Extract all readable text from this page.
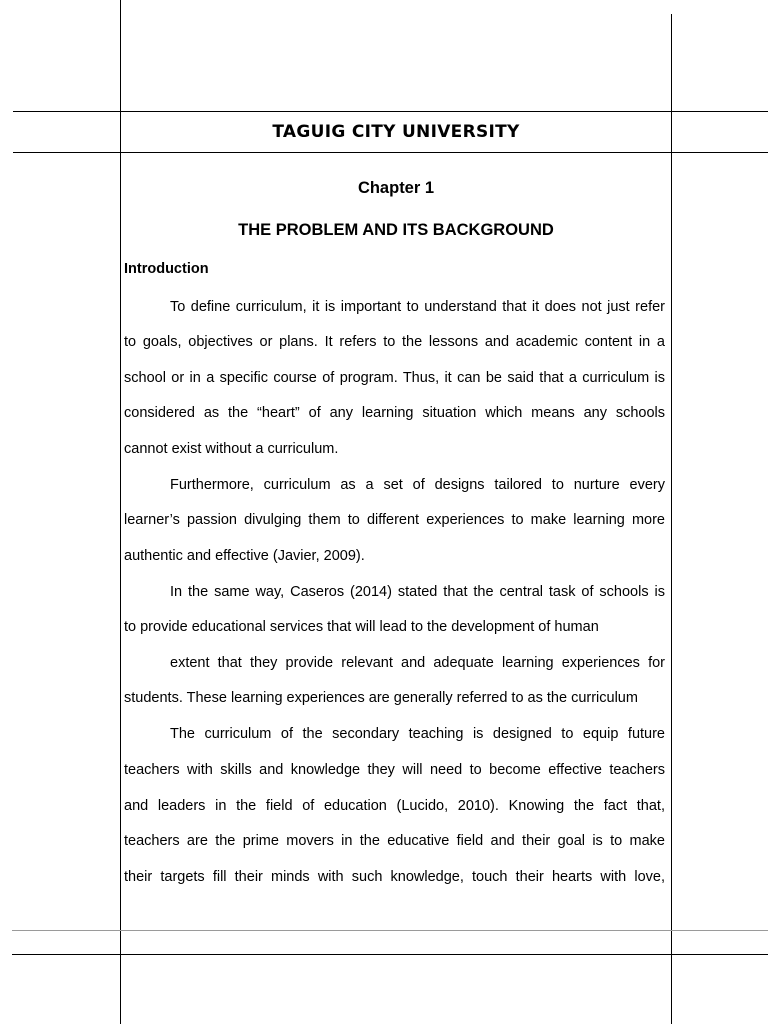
TAGUIG CITY UNIVERSITY
Chapter 1
THE PROBLEM AND ITS BACKGROUND
Introduction
To define curriculum, it is important to understand that it does not just refer
to goals, objectives or plans. It refers to the lessons and academic content in a
school or in a specific course of program. Thus, it can be said that a curriculum is
considered as the “heart” of any learning situation which means any schools
cannot exist without a curriculum.
Furthermore, curriculum as a set of designs tailored to nurture every
learner’s passion divulging them to different experiences to make learning more
authentic and effective (Javier, 2009).
In the same way, Caseros (2014) stated that the central task of schools is
to provide educational services that will lead to the development of human
extent that they provide relevant and adequate learning experiences for
students. These learning experiences are generally referred to as the curriculum
The curriculum of the secondary teaching is designed to equip future
teachers with skills and knowledge they will need to become effective teachers
and leaders in the field of education (Lucido, 2010). Knowing the fact that,
teachers are the prime movers in the educative field and their goal is to make
their targets fill their minds with such knowledge, touch their hearts with love,
